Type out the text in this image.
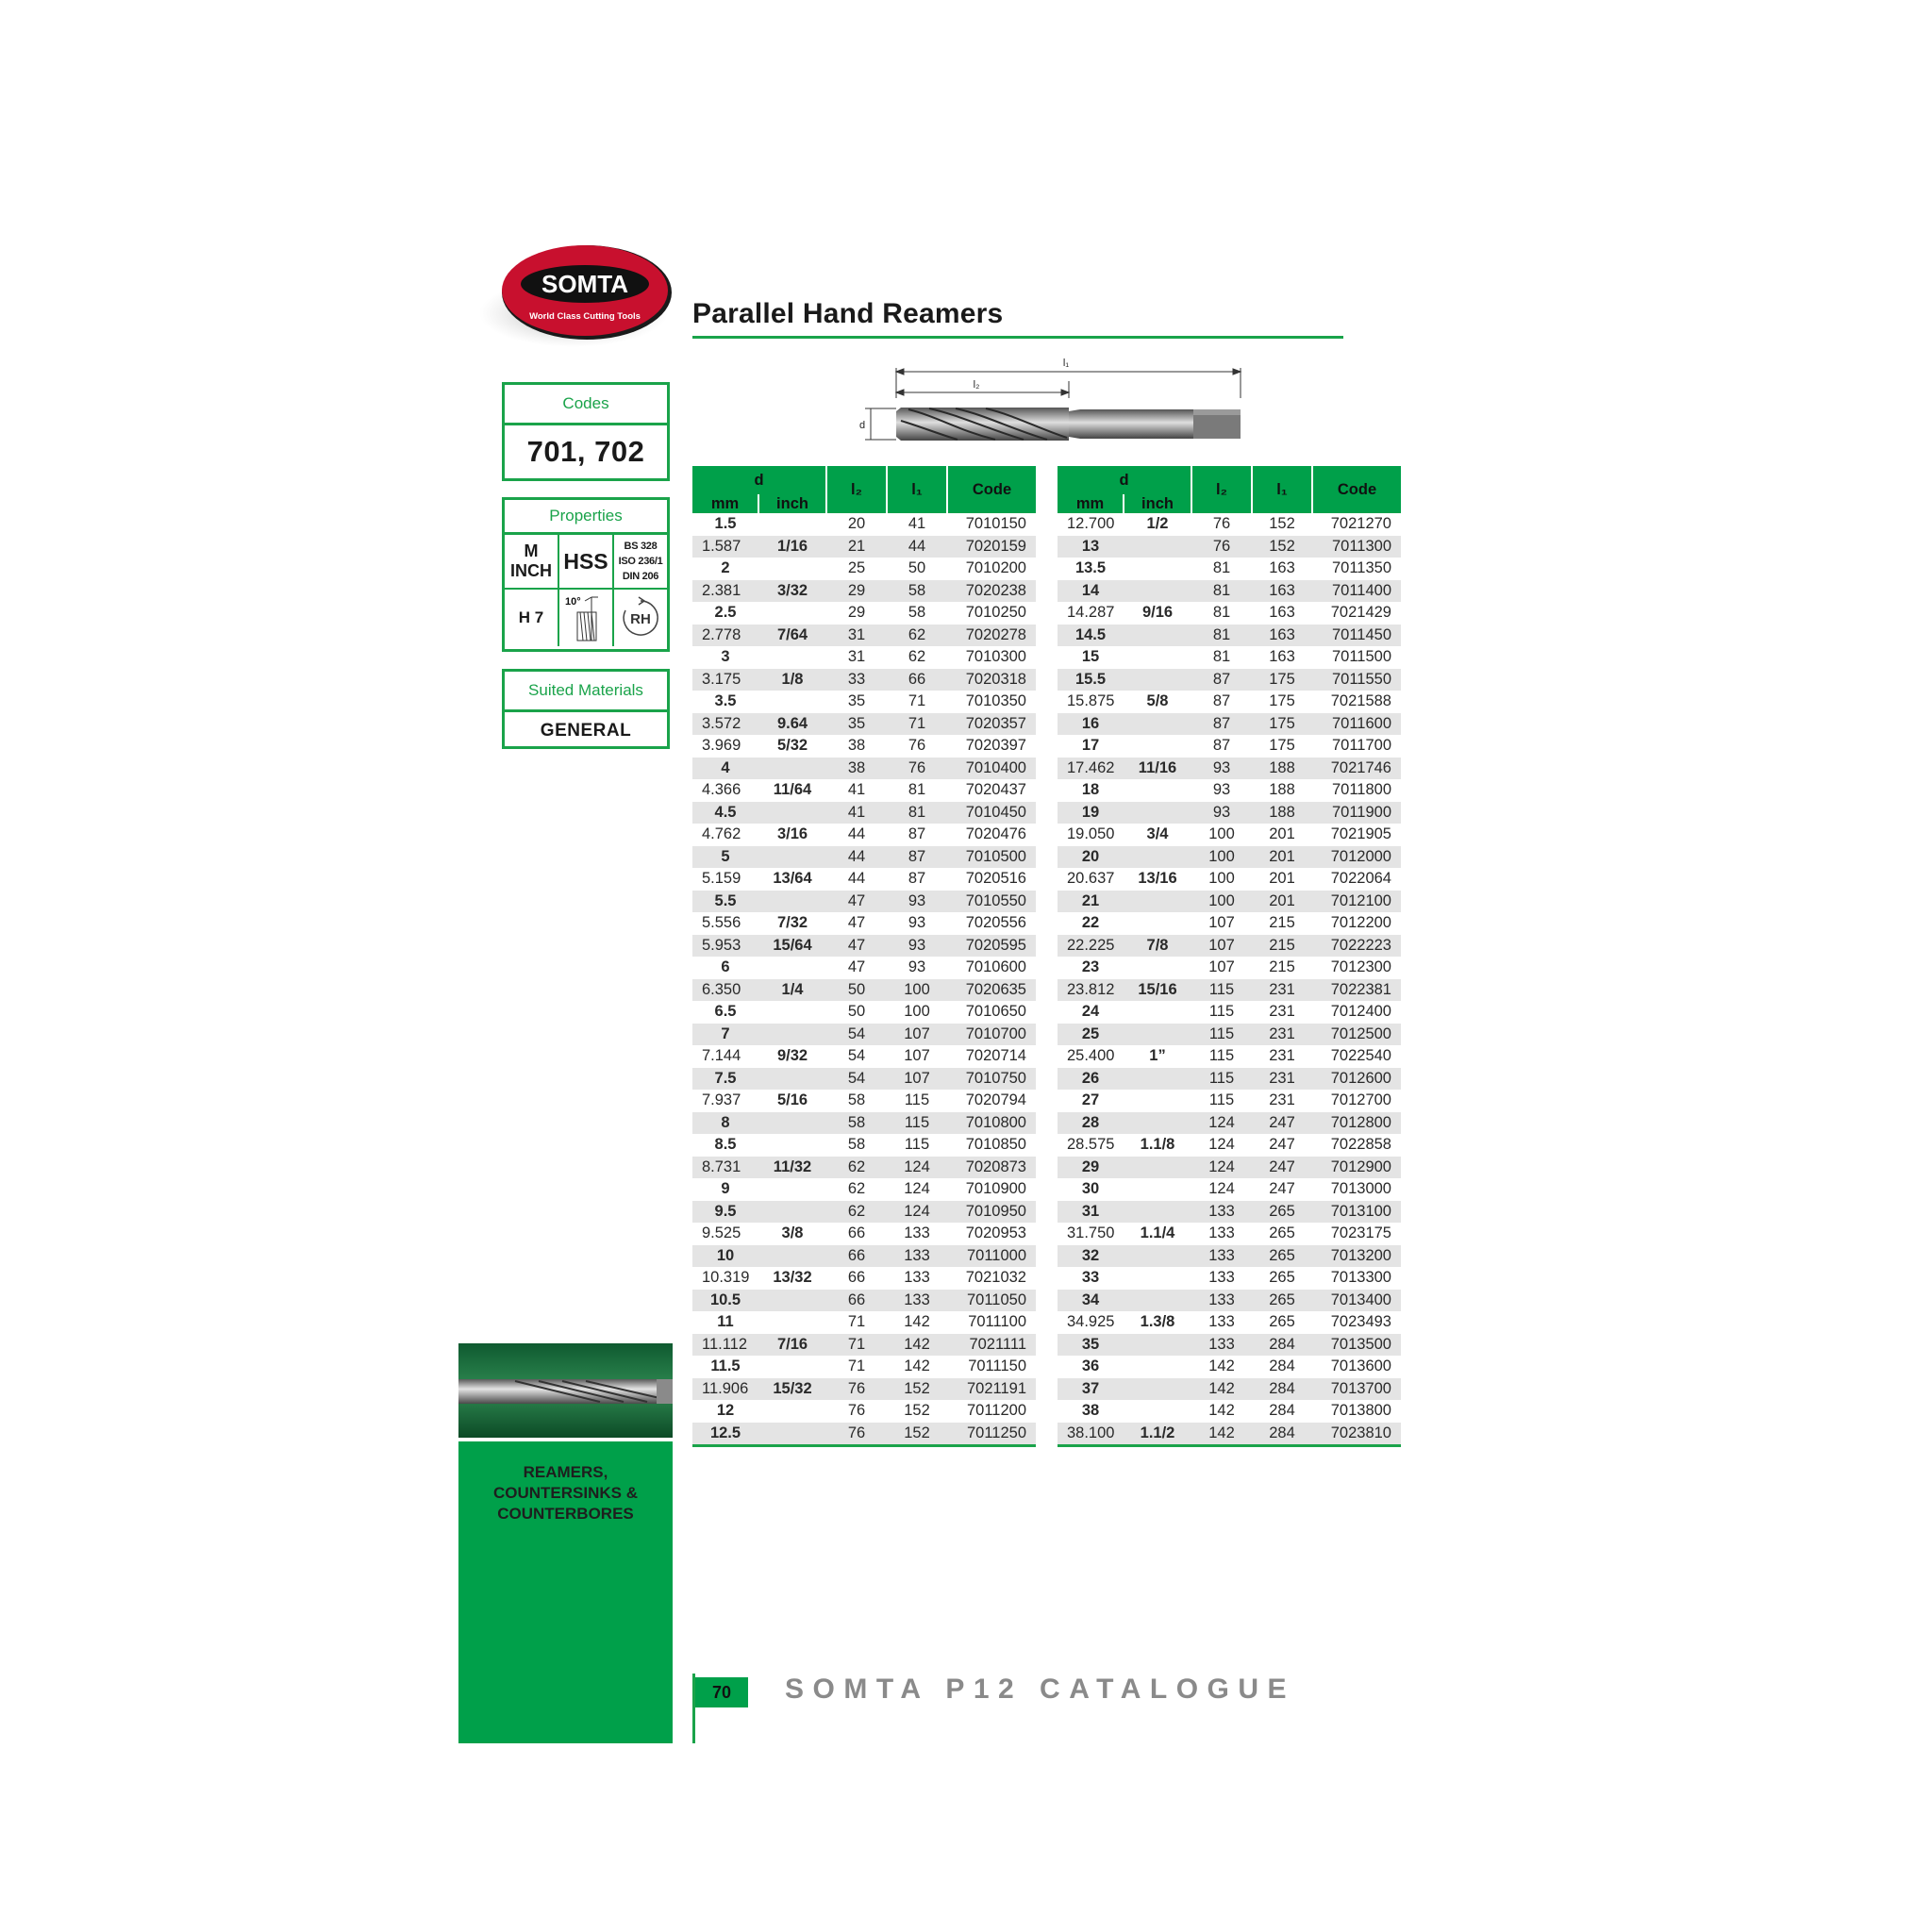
SOMTA
World Class Cutting Tools Parallel Hand Reamers
Codes
701, 702
Properties
M
INCH HSS
BS 328
ISO 236/1
DIN 206
H 7
10°
RH
Suited Materials
GENERAL
REAMERS,
COUNTERSINKS &
COUNTERBORES
l₁
l₂
d
d		l₂	l₁	Code
mm	inch			
1.5		20	41	7010150
1.587	1/16	21	44	7020159
2		25	50	7010200
2.381	3/32	29	58	7020238
2.5		29	58	7010250
2.778	7/64	31	62	7020278
3		31	62	7010300
3.175	1/8	33	66	7020318
3.5		35	71	7010350
3.572	9.64	35	71	7020357
3.969	5/32	38	76	7020397
4		38	76	7010400
4.366	11/64	41	81	7020437
4.5		41	81	7010450
4.762	3/16	44	87	7020476
5		44	87	7010500
5.159	13/64	44	87	7020516
5.5		47	93	7010550
5.556	7/32	47	93	7020556
5.953	15/64	47	93	7020595
6		47	93	7010600
6.350	1/4	50	100	7020635
6.5		50	100	7010650
7		54	107	7010700
7.144	9/32	54	107	7020714
7.5		54	107	7010750
7.937	5/16	58	115	7020794
8		58	115	7010800
8.5		58	115	7010850
8.731	11/32	62	124	7020873
9		62	124	7010900
9.5		62	124	7010950
9.525	3/8	66	133	7020953
10		66	133	7011000
10.319	13/32	66	133	7021032
10.5		66	133	7011050
11		71	142	7011100
11.112	7/16	71	142	7021111
11.5		71	142	7011150
11.906	15/32	76	152	7021191
12		76	152	7011200
12.5		76	152	7011250
d		l₂	l₁	Code
mm	inch			
12.700	1/2	76	152	7021270
13		76	152	7011300
13.5		81	163	7011350
14		81	163	7011400
14.287	9/16	81	163	7021429
14.5		81	163	7011450
15		81	163	7011500
15.5		87	175	7011550
15.875	5/8	87	175	7021588
16		87	175	7011600
17		87	175	7011700
17.462	11/16	93	188	7021746
18		93	188	7011800
19		93	188	7011900
19.050	3/4	100	201	7021905
20		100	201	7012000
20.637	13/16	100	201	7022064
21		100	201	7012100
22		107	215	7012200
22.225	7/8	107	215	7022223
23		107	215	7012300
23.812	15/16	115	231	7022381
24		115	231	7012400
25		115	231	7012500
25.400	1”	115	231	7022540
26		115	231	7012600
27		115	231	7012700
28		124	247	7012800
28.575	1.1/8	124	247	7022858
29		124	247	7012900
30		124	247	7013000
31		133	265	7013100
31.750	1.1/4	133	265	7023175
32		133	265	7013200
33		133	265	7013300
34		133	265	7013400
34.925	1.3/8	133	265	7023493
35		133	284	7013500
36		142	284	7013600
37		142	284	7013700
38		142	284	7013800
38.100	1.1/2	142	284	7023810
70	SOMTA P12 CATALOGUE
